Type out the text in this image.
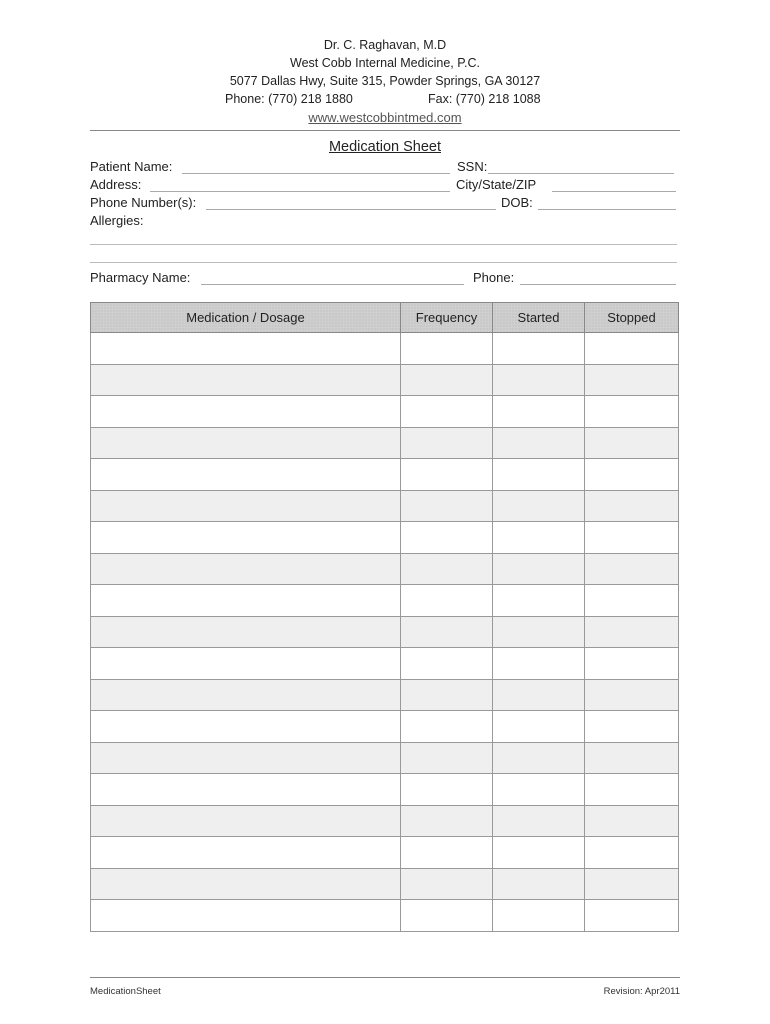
Dr. C. Raghavan, M.D
West Cobb Internal Medicine, P.C.
5077 Dallas Hwy, Suite 315, Powder Springs, GA 30127
Phone: (770) 218 1880	Fax: (770) 218 1088
www.westcobbintmed.com
Medication Sheet
Patient Name:	SSN:
Address:	City/State/ZIP
Phone Number(s):	DOB:
Allergies:
Pharmacy Name:	Phone:
Medication / Dosage	Frequency	Started	Stopped

MedicationSheet	Revision: Apr2011
